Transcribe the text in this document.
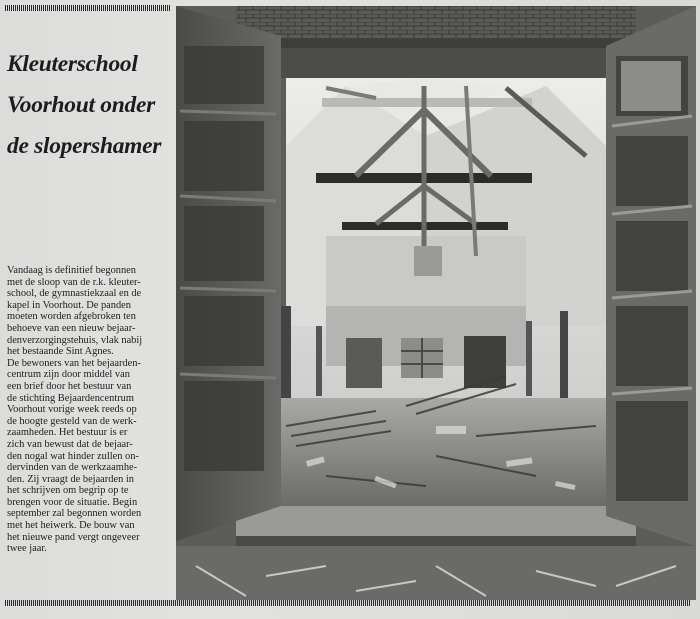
Kleuterschool
Voorhout onder
de slopershamer
Vandaag is definitief begonnen
met de sloop van de r.k. kleuter-
school, de gymnastiekzaal en de
kapel in Voorhout. De panden
moeten worden afgebroken ten
behoeve van een nieuw bejaar-
denverzorgingstehuis, vlak nabij
het bestaande Sint Agnes.
De bewoners van het bejaarden-
centrum zijn door middel van
een brief door het bestuur van
de stichting Bejaardencentrum
Voorhout vorige week reeds op
de hoogte gesteld van de werk-
zaamheden. Het bestuur is er
zich van bewust dat de bejaar-
den nogal wat hinder zullen on-
dervinden van de werkzaamhe-
den. Zij vraagt de bejaarden in
het schrijven om begrip op te
brengen voor de situatie. Begin
september zal begonnen worden
met het heiwerk. De bouw van
het nieuwe pand vergt ongeveer
twee jaar.
